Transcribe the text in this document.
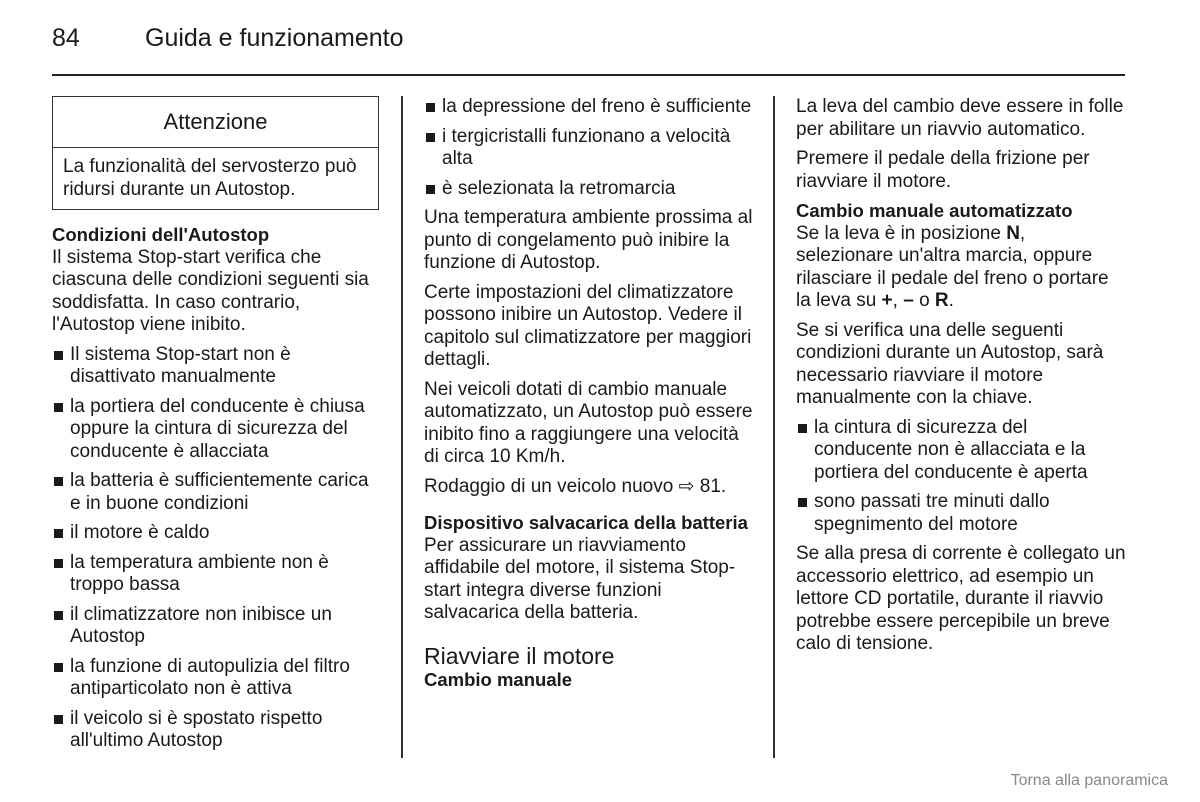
84	Guida e funzionamento
Attenzione
La funzionalità del servosterzo può ridursi durante un Autostop.
Condizioni dell'Autostop

Il sistema Stop-start verifica che ciascuna delle condizioni seguenti sia soddisfatta. In caso contrario, l'Autostop viene inibito.

Il sistema Stop-start non è disattivato manualmente
la portiera del conducente è chiusa oppure la cintura di sicurezza del conducente è allacciata
la batteria è sufficientemente carica e in buone condizioni
il motore è caldo
la temperatura ambiente non è troppo bassa
il climatizzatore non inibisce un Autostop
la funzione di autopulizia del filtro antiparticolato non è attiva
il veicolo si è spostato rispetto all'ultimo Autostop
la depressione del freno è sufficiente
i tergicristalli funzionano a velocità alta
è selezionata la retromarcia

Una temperatura ambiente prossima al punto di congelamento può inibire la funzione di Autostop.

Certe impostazioni del climatizzatore possono inibire un Autostop. Vedere il capitolo sul climatizzatore per maggiori dettagli.

Nei veicoli dotati di cambio manuale automatizzato, un Autostop può essere inibito fino a raggiungere una velocità di circa 10 Km/h.

Rodaggio di un veicolo nuovo ⇨ 81.

Dispositivo salvacarica della batteria

Per assicurare un riavviamento affidabile del motore, il sistema Stop-start integra diverse funzioni salvacarica della batteria.

Riavviare il motore
Cambio manuale

La leva del cambio deve essere in folle per abilitare un riavvio automatico.

Premere il pedale della frizione per riavviare il motore.

Cambio manuale automatizzato

Se la leva è in posizione N, selezionare un'altra marcia, oppure rilasciare il pedale del freno o portare la leva su +, – o R.

Se si verifica una delle seguenti condizioni durante un Autostop, sarà necessario riavviare il motore manualmente con la chiave.

la cintura di sicurezza del conducente non è allacciata e la portiera del conducente è aperta
sono passati tre minuti dallo spegnimento del motore

Se alla presa di corrente è collegato un accessorio elettrico, ad esempio un lettore CD portatile, durante il riavvio potrebbe essere percepibile un breve calo di tensione.

Torna alla panoramica
